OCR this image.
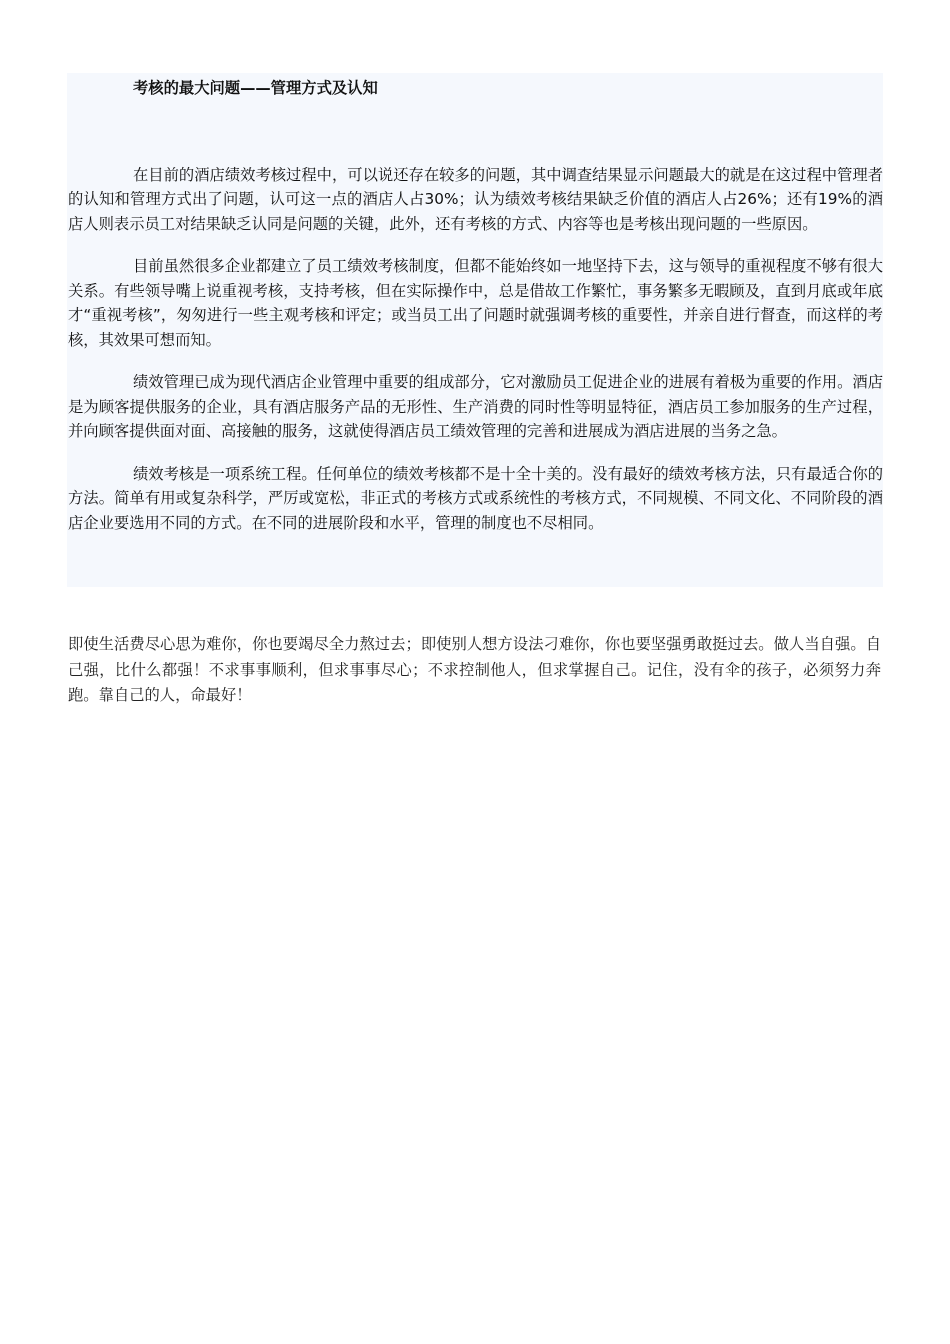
考核的最大问题——管理方式及认知

在目前的酒店绩效考核过程中，可以说还存在较多的问题，其中调查结果显示问题最大的就是在这过程中管理者的认知和管理方式出了问题，认可这一点的酒店人占30%；认为绩效考核结果缺乏价值的酒店人占26%；还有19%的酒店人则表示员工对结果缺乏认同是问题的关键，此外，还有考核的方式、内容等也是考核出现问题的一些原因。

目前虽然很多企业都建立了员工绩效考核制度，但都不能始终如一地坚持下去，这与领导的重视程度不够有很大关系。有些领导嘴上说重视考核，支持考核，但在实际操作中，总是借故工作繁忙，事务繁多无暇顾及，直到月底或年底才“重视考核”，匆匆进行一些主观考核和评定；或当员工出了问题时就强调考核的重要性，并亲自进行督查，而这样的考核，其效果可想而知。

绩效管理已成为现代酒店企业管理中重要的组成部分，它对激励员工促进企业的进展有着极为重要的作用。酒店是为顾客提供服务的企业，具有酒店服务产品的无形性、生产消费的同时性等明显特征，酒店员工参加服务的生产过程，并向顾客提供面对面、高接触的服务，这就使得酒店员工绩效管理的完善和进展成为酒店进展的当务之急。

绩效考核是一项系统工程。任何单位的绩效考核都不是十全十美的。没有最好的绩效考核方法，只有最适合你的方法。简单有用或复杂科学，严厉或宽松，非正式的考核方式或系统性的考核方式，不同规模、不同文化、不同阶段的酒店企业要选用不同的方式。在不同的进展阶段和水平，管理的制度也不尽相同。

即使生活费尽心思为难你，你也要竭尽全力熬过去；即使别人想方设法刁难你，你也要坚强勇敢挺过去。做人当自强。自己强，比什么都强！不求事事顺利，但求事事尽心；不求控制他人，但求掌握自己。记住，没有伞的孩子，必须努力奔跑。靠自己的人，命最好！
